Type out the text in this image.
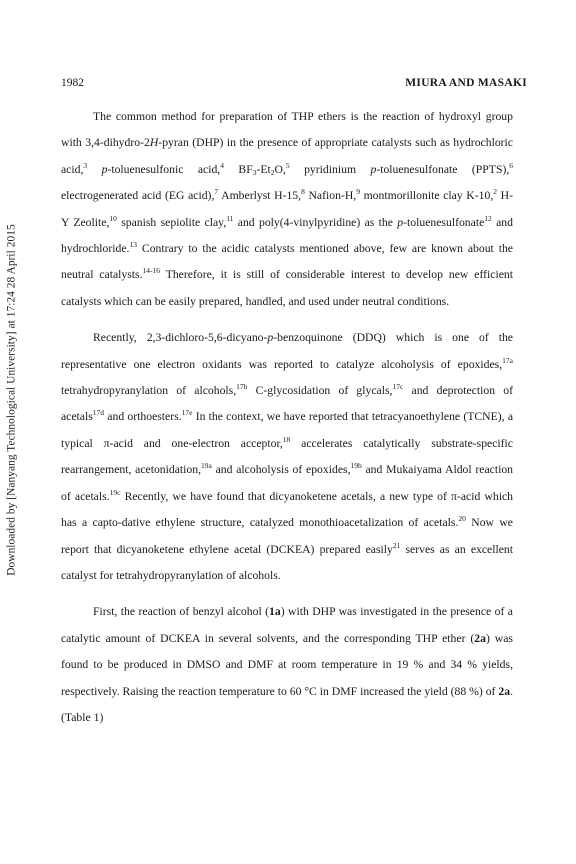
Downloaded by [Nanyang Technological University] at 17:24 28 April 2015
1982	MIURA AND MASAKI

The common method for preparation of THP ethers is the reaction of hydroxyl group with 3,4-dihydro-2H-pyran (DHP) in the presence of appropriate catalysts such as hydrochloric acid,$^3$ p-toluenesulfonic acid,$^4$ $BF_3-Et_2O,^5$ pyridinium p-toluenesulfonate (PPTS),$^6$ electrogenerated acid (EG acid),$^7$ Amberlyst H-15,$^8$ Nafion-H,$^9$ montmorillonite clay K-10,$^2$ H-Y Zeolite,$^{10}$ spanish sepiolite clay,$^{11}$ and poly(4-vinylpyridine) as the p-toluenesulfonate$^{12}$ and hydrochloride.$^{13}$ Contrary to the acidic catalysts mentioned above, few are known about the neutral catalysts.$^{14-16}$ Therefore, it is still of considerable interest to develop new efficient catalysts which can be easily prepared, handled, and used under neutral conditions.

Recently, 2,3-dichloro-5,6-dicyano-p-benzoquinone (DDQ) which is one of the representative one electron oxidants was reported to catalyze alcoholysis of epoxides,$^{17a}$ tetrahydropyranylation of alcohols,$^{17b}$ C-glycosidation of glycals,$^{17c}$ and deprotection of acetals$^{17d}$ and orthoesters.$^{17e}$ In the context, we have reported that tetracyanoethylene (TCNE), a typical π-acid and one-electron acceptor,$^{18}$ accelerates catalytically substrate-specific rearrangement, acetonidation,$^{19a}$ and alcoholysis of epoxides,$^{19b}$ and Mukaiyama Aldol reaction of acetals.$^{19c}$ Recently, we have found that dicyanoketene acetals, a new type of π-acid which has a capto-dative ethylene structure, catalyzed monothioacetalization of acetals.$^{20}$ Now we report that dicyanoketene ethylene acetal (DCKEA) prepared easily$^{21}$ serves as an excellent catalyst for tetrahydropyranylation of alcohols.

First, the reaction of benzyl alcohol (1a) with DHP was investigated in the presence of a catalytic amount of DCKEA in several solvents, and the corresponding THP ether (2a) was found to be produced in DMSO and DMF at room temperature in 19 % and 34 % yields, respectively. Raising the reaction temperature to 60 °C in DMF increased the yield (88 %) of 2a. (Table 1)
